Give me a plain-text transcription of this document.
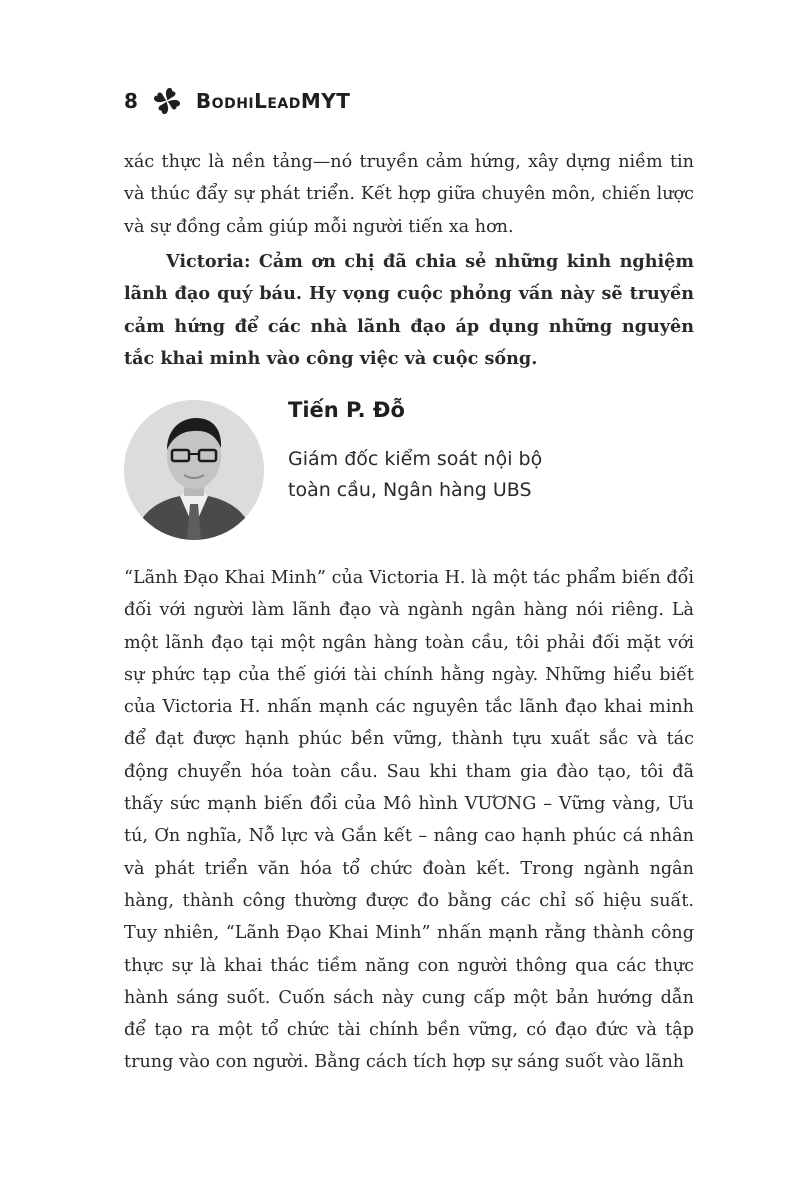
8	BodhiLeadMYT

xác thực là nền tảng—nó truyền cảm hứng, xây dựng niềm tin và thúc đẩy sự phát triển. Kết hợp giữa chuyên môn, chiến lược và sự đồng cảm giúp mỗi người tiến xa hơn.

Victoria: Cảm ơn chị đã chia sẻ những kinh nghiệm lãnh đạo quý báu. Hy vọng cuộc phỏng vấn này sẽ truyền cảm hứng để các nhà lãnh đạo áp dụng những nguyên tắc khai minh vào công việc và cuộc sống.

Tiến P. Đỗ
Giám đốc kiểm soát nội bộ
toàn cầu, Ngân hàng UBS

“Lãnh Đạo Khai Minh” của Victoria H. là một tác phẩm biến đổi đối với người làm lãnh đạo và ngành ngân hàng nói riêng. Là một lãnh đạo tại một ngân hàng toàn cầu, tôi phải đối mặt với sự phức tạp của thế giới tài chính hằng ngày. Những hiểu biết của Victoria H. nhấn mạnh các nguyên tắc lãnh đạo khai minh để đạt được hạnh phúc bền vững, thành tựu xuất sắc và tác động chuyển hóa toàn cầu. Sau khi tham gia đào tạo, tôi đã thấy sức mạnh biến đổi của Mô hình VƯƠNG – Vững vàng, Ưu tú, Ơn nghĩa, Nỗ lực và Gắn kết – nâng cao hạnh phúc cá nhân và phát triển văn hóa tổ chức đoàn kết. Trong ngành ngân hàng, thành công thường được đo bằng các chỉ số hiệu suất. Tuy nhiên, “Lãnh Đạo Khai Minh” nhấn mạnh rằng thành công thực sự là khai thác tiềm năng con người thông qua các thực hành sáng suốt. Cuốn sách này cung cấp một bản hướng dẫn để tạo ra một tổ chức tài chính bền vững, có đạo đức và tập trung vào con người. Bằng cách tích hợp sự sáng suốt vào lãnh
